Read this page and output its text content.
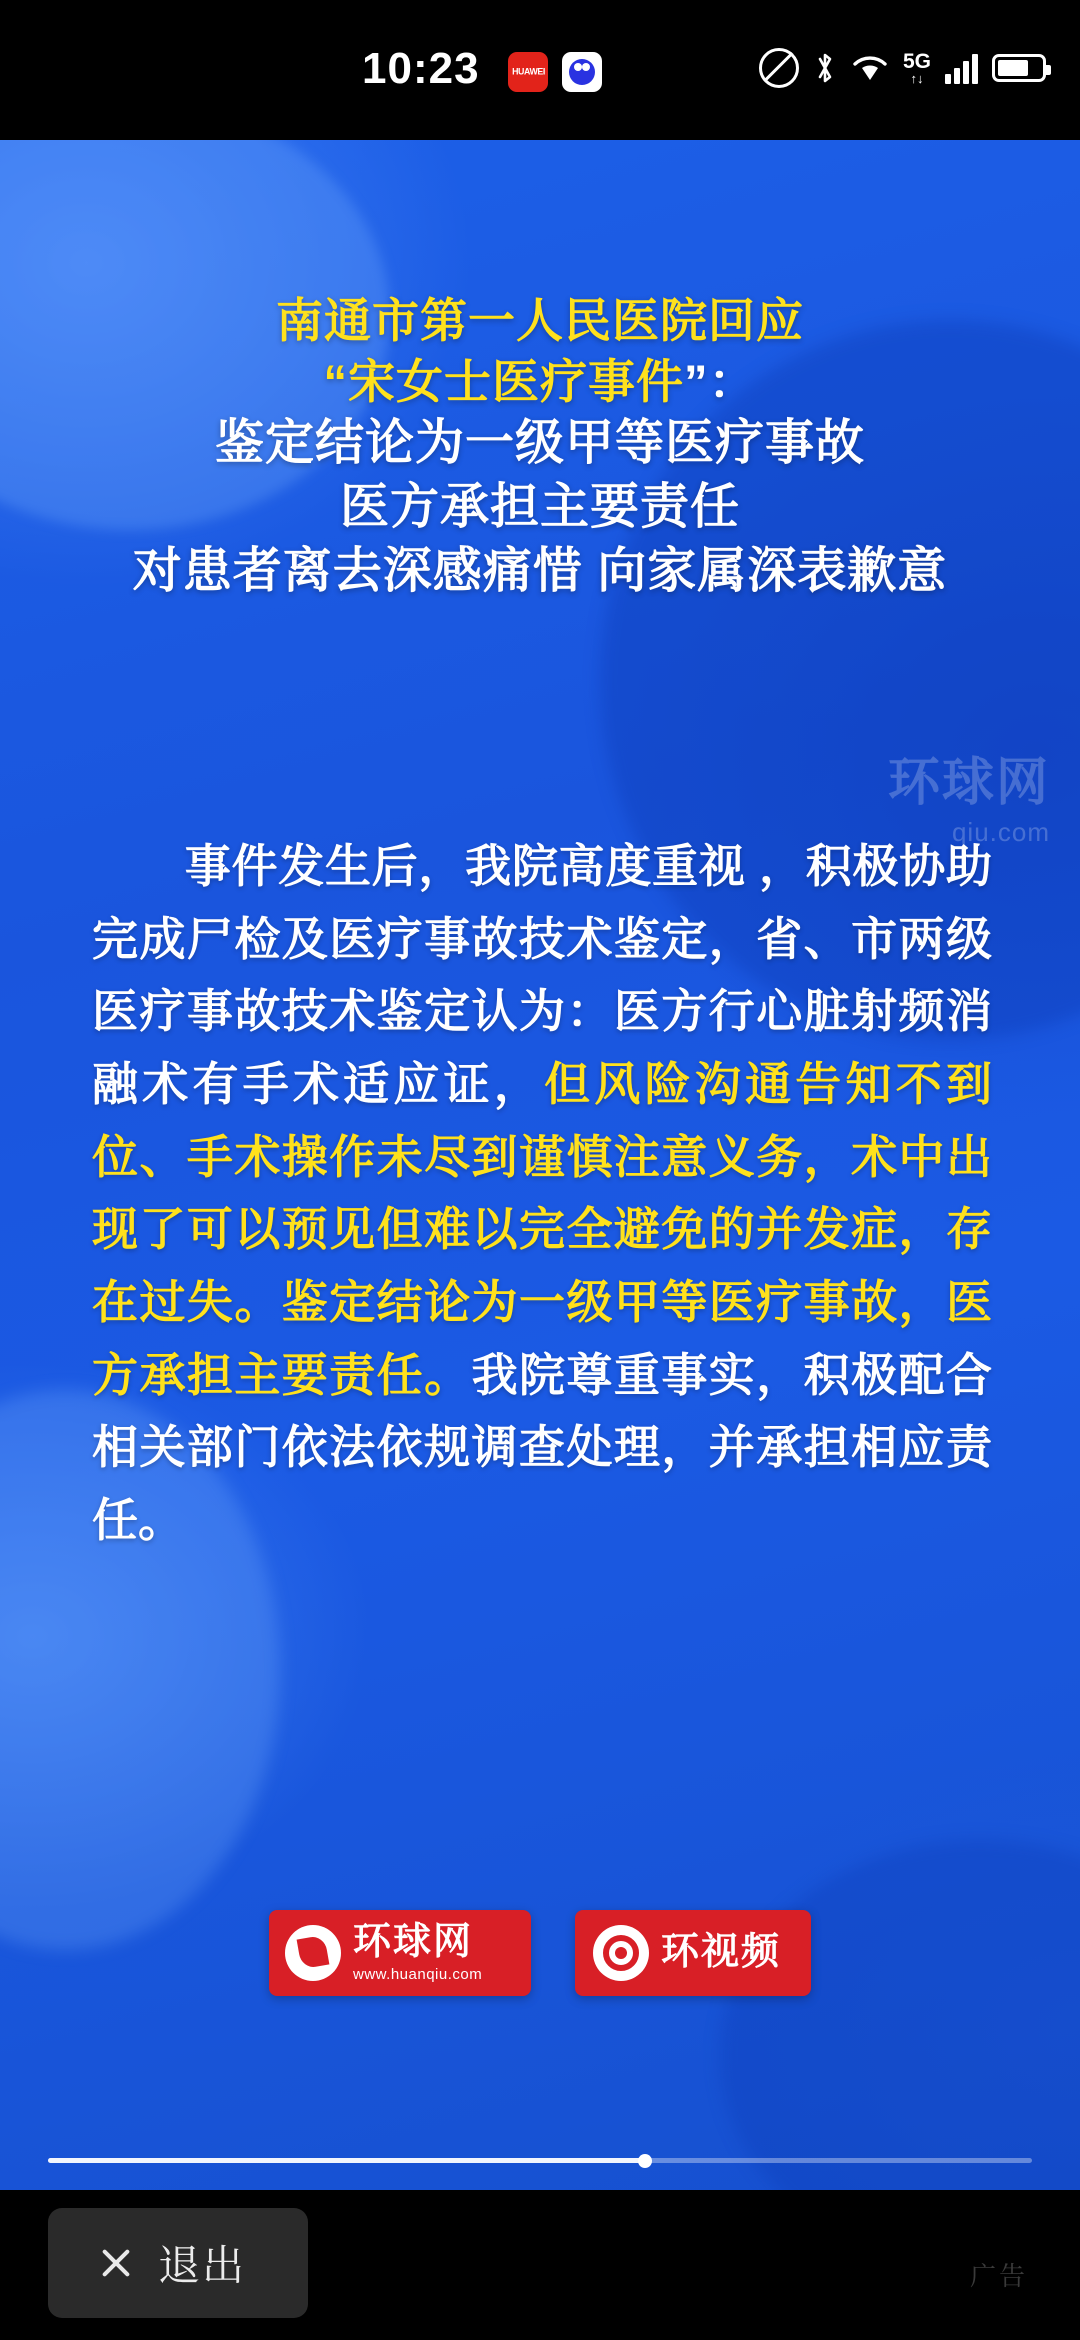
10:23	HUAWEI	5G
↑↓
南通市第一人民医院回应
“宋女士医疗事件”：
鉴定结论为一级甲等医疗事故
医方承担主要责任
对患者离去深感痛惜 向家属深表歉意
环球网
qiu.com
事件发生后，我院高度重视 ，积极协助完成尸检及医疗事故技术鉴定，省、市两级医疗事故技术鉴定认为：医方行心脏射频消融术有手术适应证，但风险沟通告知不到位、手术操作未尽到谨慎注意义务，术中出现了可以预见但难以完全避免的并发症，存在过失。鉴定结论为一级甲等医疗事故，医方承担主要责任。我院尊重事实，积极配合相关部门依法依规调查处理，并承担相应责任。
环球网
www.huanqiu.com
环视频
退出	广告
